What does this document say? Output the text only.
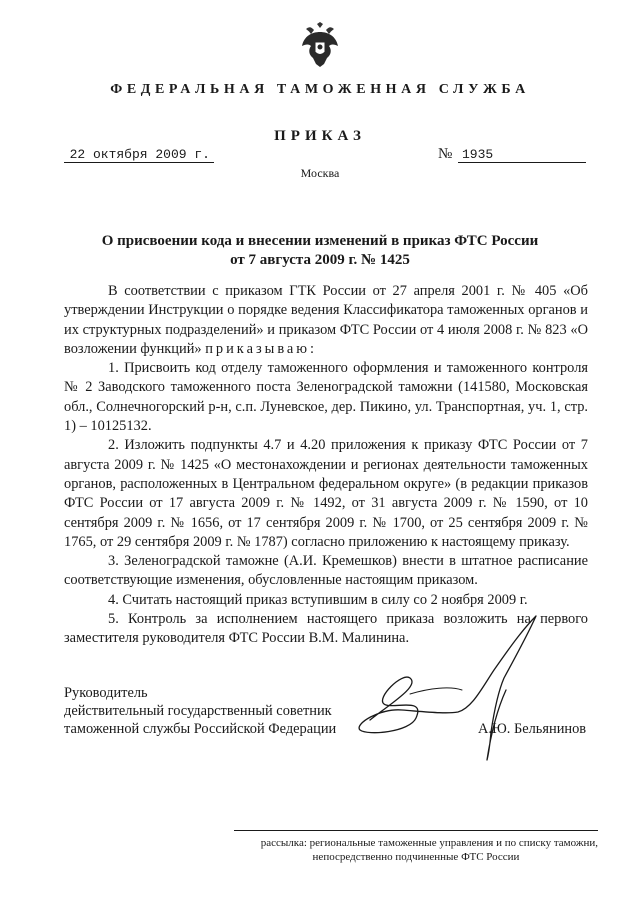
ФЕДЕРАЛЬНАЯ ТАМОЖЕННАЯ СЛУЖБА
ПРИКАЗ
22 октября 2009 г.	№ 1935
Москва
О присвоении кода и внесении изменений в приказ ФТС России
от 7 августа 2009 г. № 1425

В соответствии с приказом ГТК России от 27 апреля 2001 г. № 405 «Об утверждении Инструкции о порядке ведения Классификатора таможенных органов и их структурных подразделений» и приказом ФТС России от 4 июля 2008 г. № 823 «О возложении функций» приказываю:

1. Присвоить код отделу таможенного оформления и таможенного контроля № 2 Заводского таможенного поста Зеленоградской таможни (141580, Московская обл., Солнечногорский р-н, с.п. Луневское, дер. Пикино, ул. Транспортная, уч. 1, стр. 1) – 10125132.

2. Изложить подпункты 4.7 и 4.20 приложения к приказу ФТС России от 7 августа 2009 г. № 1425 «О местонахождении и регионах деятельности таможенных органов, расположенных в Центральном федеральном округе» (в редакции приказов ФТС России от 17 августа 2009 г. № 1492, от 31 августа 2009 г. № 1590, от 10 сентября 2009 г. № 1656, от 17 сентября 2009 г. № 1700, от 25 сентября 2009 г. № 1765, от 29 сентября 2009 г. № 1787) согласно приложению к настоящему приказу.

3. Зеленоградской таможне (А.И. Кремешков) внести в штатное расписание соответствующие изменения, обусловленные настоящим приказом.

4. Считать настоящий приказ вступившим в силу со 2 ноября 2009 г.

5. Контроль за исполнением настоящего приказа возложить на первого заместителя руководителя ФТС России В.М. Малинина.

Руководитель
действительный государственный советник
таможенной службы Российской Федерации	А.Ю. Бельянинов
рассылка: региональные таможенные управления и по списку таможни,
непосредственно подчиненные ФТС России
